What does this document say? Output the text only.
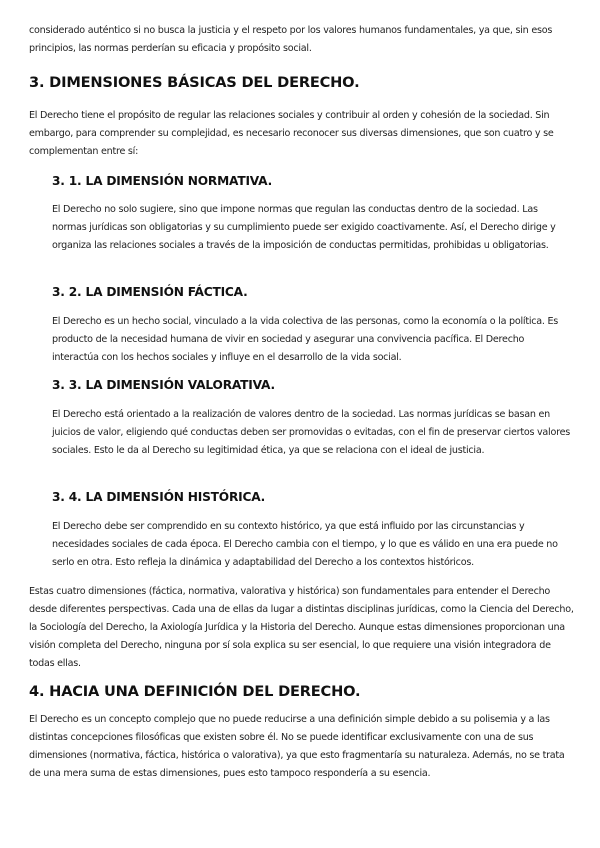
considerado auténtico si no busca la justicia y el respeto por los valores humanos fundamentales, ya que, sin esos principios, las normas perderían su eficacia y propósito social.

3. DIMENSIONES BÁSICAS DEL DERECHO.

El Derecho tiene el propósito de regular las relaciones sociales y contribuir al orden y cohesión de la sociedad. Sin embargo, para comprender su complejidad, es necesario reconocer sus diversas dimensiones, que son cuatro y se complementan entre sí:

3. 1. LA DIMENSIÓN NORMATIVA.

El Derecho no solo sugiere, sino que impone normas que regulan las conductas dentro de la sociedad. Las normas jurídicas son obligatorias y su cumplimiento puede ser exigido coactivamente. Así, el Derecho dirige y organiza las relaciones sociales a través de la imposición de conductas permitidas, prohibidas u obligatorias.

3. 2. LA DIMENSIÓN FÁCTICA.

El Derecho es un hecho social, vinculado a la vida colectiva de las personas, como la economía o la política. Es producto de la necesidad humana de vivir en sociedad y asegurar una convivencia pacífica. El Derecho interactúa con los hechos sociales y influye en el desarrollo de la vida social.

3. 3. LA DIMENSIÓN VALORATIVA.

El Derecho está orientado a la realización de valores dentro de la sociedad. Las normas jurídicas se basan en juicios de valor, eligiendo qué conductas deben ser promovidas o evitadas, con el fin de preservar ciertos valores sociales. Esto le da al Derecho su legitimidad ética, ya que se relaciona con el ideal de justicia.

3. 4. LA DIMENSIÓN HISTÓRICA.

El Derecho debe ser comprendido en su contexto histórico, ya que está influido por las circunstancias y necesidades sociales de cada época. El Derecho cambia con el tiempo, y lo que es válido en una era puede no serlo en otra. Esto refleja la dinámica y adaptabilidad del Derecho a los contextos históricos.

Estas cuatro dimensiones (fáctica, normativa, valorativa y histórica) son fundamentales para entender el Derecho desde diferentes perspectivas. Cada una de ellas da lugar a distintas disciplinas jurídicas, como la Ciencia del Derecho, la Sociología del Derecho, la Axiología Jurídica y la Historia del Derecho. Aunque estas dimensiones proporcionan una visión completa del Derecho, ninguna por sí sola explica su ser esencial, lo que requiere una visión integradora de todas ellas.

4. HACIA UNA DEFINICIÓN DEL DERECHO.

El Derecho es un concepto complejo que no puede reducirse a una definición simple debido a su polisemia y a las distintas concepciones filosóficas que existen sobre él. No se puede identificar exclusivamente con una de sus dimensiones (normativa, fáctica, histórica o valorativa), ya que esto fragmentaría su naturaleza. Además, no se trata de una mera suma de estas dimensiones, pues esto tampoco respondería a su esencia.
